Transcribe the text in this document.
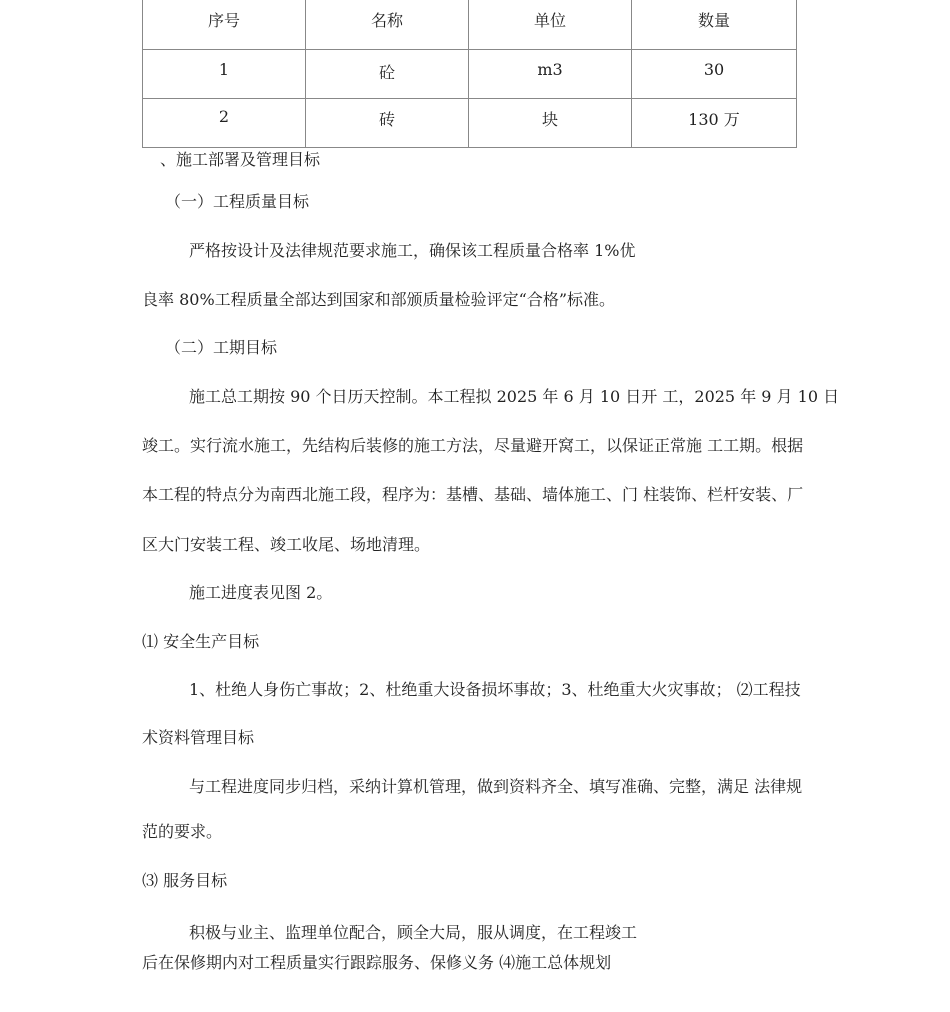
序号	名称	单位	数量
1	砼	m3	30
2	砖	块	130 万
、施工部署及管理目标
（一）工程质量目标
严格按设计及法律规范要求施工，确保该工程质量合格率 1%优
良率 80%工程质量全部达到国家和部颁质量检验评定“合格”标准。
（二）工期目标
施工总工期按 90 个日历天控制。本工程拟 2025 年 6 月 10 日开 工，2025 年 9 月 10 日
竣工。实行流水施工，先结构后装修的施工方法，尽量避开窝工，以保证正常施 工工期。根据
本工程的特点分为南西北施工段，程序为：基槽、基础、墙体施工、门 柱装饰、栏杆安装、厂
区大门安装工程、竣工收尾、场地清理。
施工进度表见图 2。
⑴ 安全生产目标
1、杜绝人身伤亡事故；2、杜绝重大设备损坏事故；3、杜绝重大火灾事故； ⑵工程技
术资料管理目标
与工程进度同步归档，采纳计算机管理，做到资料齐全、填写准确、完整，满足 法律规
范的要求。
⑶ 服务目标
积极与业主、监理单位配合，顾全大局，服从调度，在工程竣工
后在保修期内对工程质量实行跟踪服务、保修义务 ⑷施工总体规划
